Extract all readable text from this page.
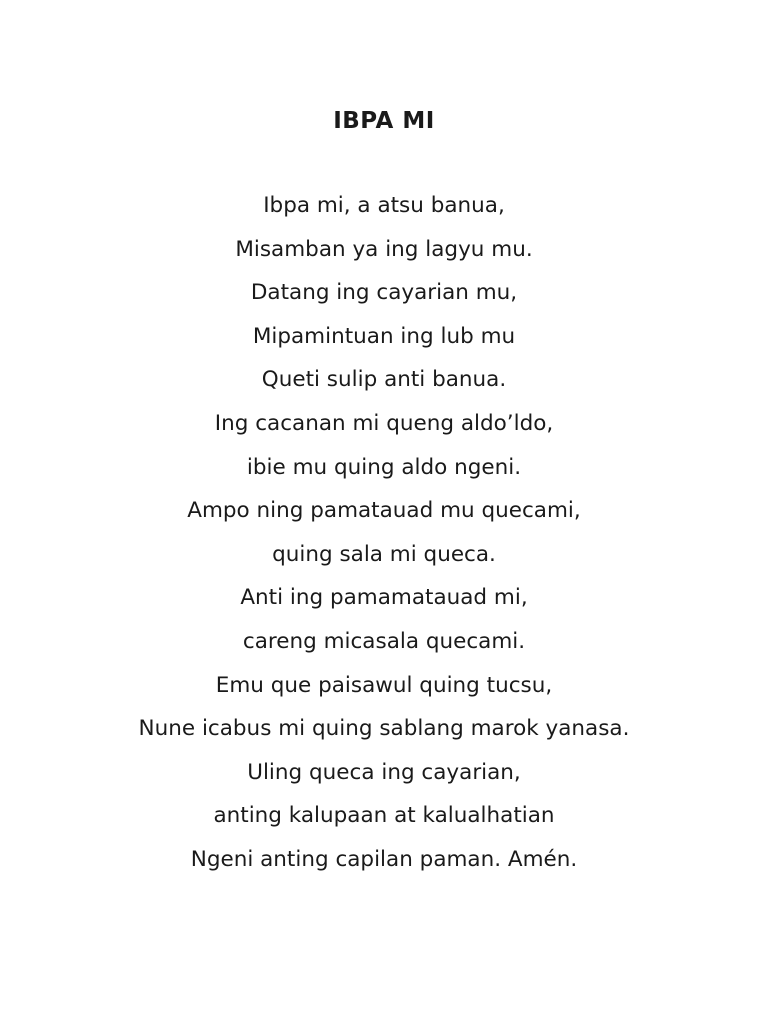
IBPA MI
Ibpa mi, a atsu banua,
Misamban ya ing lagyu mu.
Datang ing cayarian mu,
Mipamintuan ing lub mu
Queti sulip anti banua.
Ing cacanan mi queng aldo’ldo,
ibie mu quing aldo ngeni.
Ampo ning pamatauad mu quecami,
quing sala mi queca.
Anti ing pamamatauad mi,
careng micasala quecami.
Emu que paisawul quing tucsu,
Nune icabus mi quing sablang marok yanasa.
Uling queca ing cayarian,
anting kalupaan at kalualhatian
Ngeni anting capilan paman. Amén.
